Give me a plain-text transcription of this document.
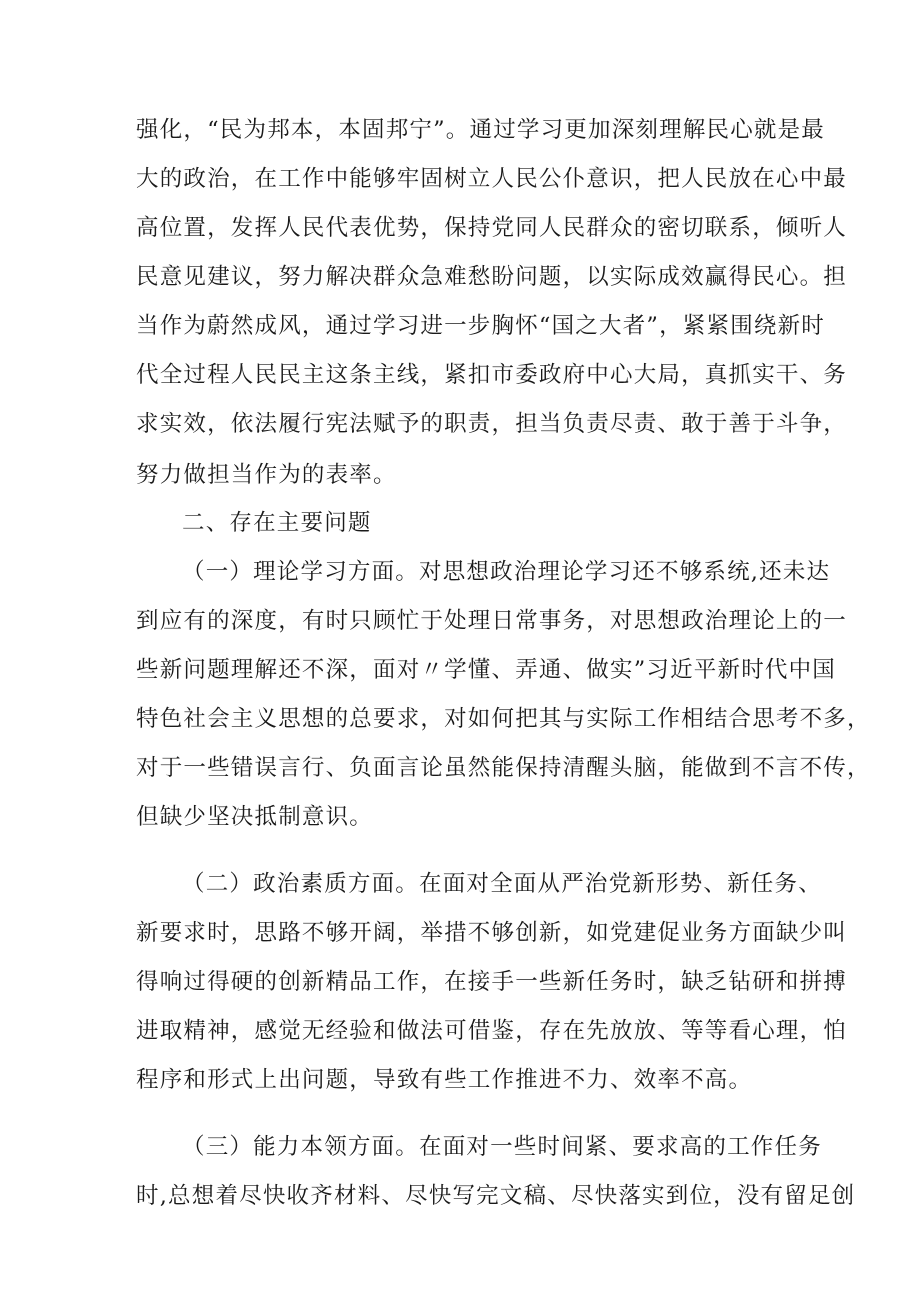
强化，“民为邦本，本固邦宁”。通过学习更加深刻理解民心就是最
大的政治，在工作中能够牢固树立人民公仆意识，把人民放在心中最
高位置，发挥人民代表优势，保持党同人民群众的密切联系，倾听人
民意见建议，努力解决群众急难愁盼问题，以实际成效赢得民心。担
当作为蔚然成风，通过学习进一步胸怀“国之大者”，紧紧围绕新时
代全过程人民民主这条主线，紧扣市委政府中心大局，真抓实干、务
求实效，依法履行宪法赋予的职责，担当负责尽责、敢于善于斗争，
努力做担当作为的表率。
二、存在主要问题
（一）理论学习方面。对思想政治理论学习还不够系统,还未达
到应有的深度，有时只顾忙于处理日常事务，对思想政治理论上的一
些新问题理解还不深，面对〃学懂、弄通、做实”习近平新时代中国
特色社会主义思想的总要求，对如何把其与实际工作相结合思考不多，
对于一些错误言行、负面言论虽然能保持清醒头脑，能做到不言不传，
但缺少坚决抵制意识。
（二）政治素质方面。在面对全面从严治党新形势、新任务、
新要求时，思路不够开阔，举措不够创新，如党建促业务方面缺少叫
得响过得硬的创新精品工作，在接手一些新任务时，缺乏钻研和拼搏
进取精神，感觉无经验和做法可借鉴，存在先放放、等等看心理，怕
程序和形式上出问题，导致有些工作推进不力、效率不高。
（三）能力本领方面。在面对一些时间紧、要求高的工作任务
时,总想着尽快收齐材料、尽快写完文稿、尽快落实到位，没有留足创
